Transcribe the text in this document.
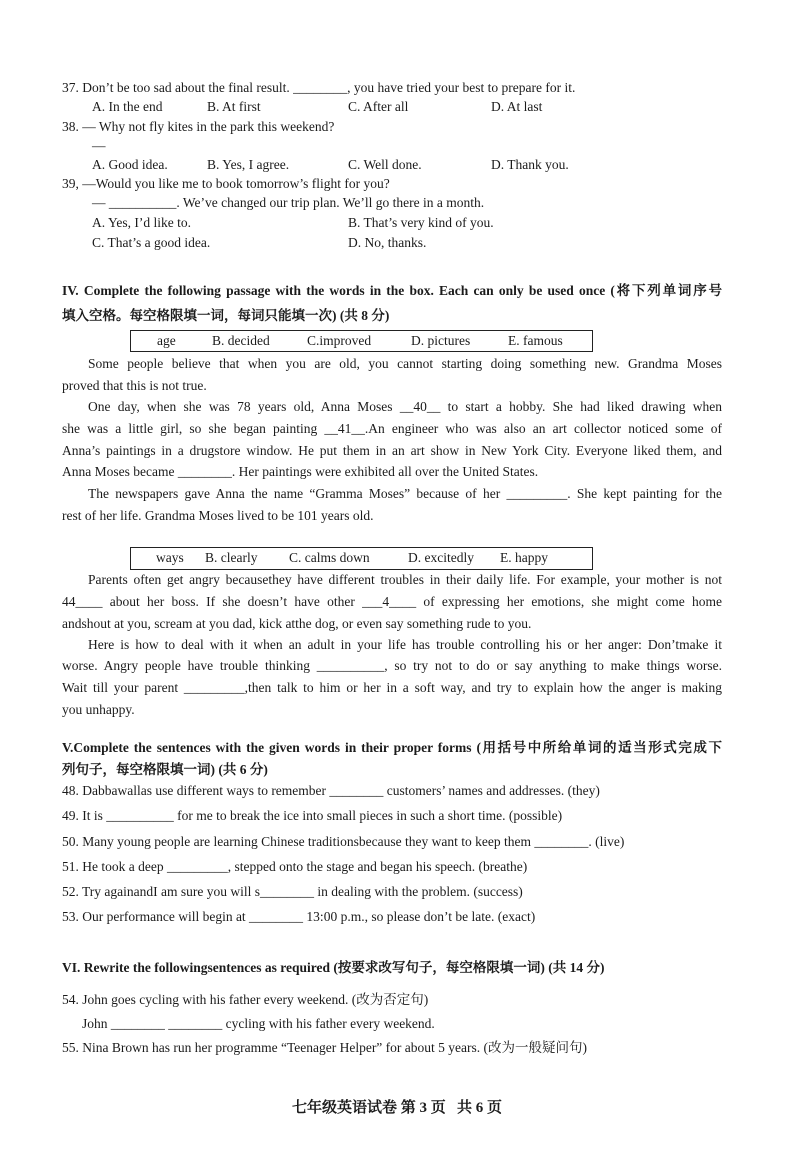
37. Don’t be too sad about the final result. ________, you have tried your best to prepare for it.
A. In the end	B. At first	C. After all	D. At last
38. — Why not fly kites in the park this weekend?
—
A. Good idea.	B. Yes, I agree.	C. Well done.	D. Thank you.
39, —Would you like me to book tomorrow’s flight for you?
— __________. We’ve changed our trip plan. We’ll go there in a month.
A. Yes, I’d like to.	B. That’s very kind of you.
C. That’s a good idea.	D. No, thanks.
IV. Complete the following passage with the words in the box. Each can only be used once (将下列单词序号
填入空格。每空格限填一词，每词只能填一次) (共 8 分)
age	B. decided	C.improved	D. pictures	E. famous
Some people believe that when you are old, you cannot starting doing something new. Grandma Moses
proved that this is not true.
One day, when she was 78 years old, Anna Moses __40__ to start a hobby. She had liked drawing when
she was a little girl, so she began painting __41__.An engineer who was also an art collector noticed some of
Anna’s paintings in a drugstore window. He put them in an art show in New York City. Everyone liked them, and
Anna Moses became ________. Her paintings were exhibited all over the United States.
The newspapers gave Anna the name “Gramma Moses” because of her _________. She kept painting for the
rest of her life. Grandma Moses lived to be 101 years old.
ways B. clearly C. calms down	D. excitedly E. happy
Parents often get angry becausethey have different troubles in their daily life. For example, your mother is not
44____ about her boss. If she doesn’t have other ___4____ of expressing her emotions, she might come home
andshout at you, scream at you dad, kick atthe dog, or even say something rude to you.
Here is how to deal with it when an adult in your life has trouble controlling his or her anger: Don’tmake it
worse. Angry people have trouble thinking __________, so try not to do or say anything to make things worse.
Wait till your parent _________,then talk to him or her in a soft way, and try to explain how the anger is making
you unhappy.
V.Complete the sentences with the given words in their proper forms (用括号中所给单词的适当形式完成下
列句子，每空格限填一词) (共 6 分)
48. Dabbawallas use different ways to remember ________ customers’ names and addresses. (they)
49. It is __________ for me to break the ice into small pieces in such a short time. (possible)
50. Many young people are learning Chinese traditionsbecause they want to keep them ________. (live)
51. He took a deep _________, stepped onto the stage and began his speech. (breathe)
52. Try againandI am sure you will s________ in dealing with the problem. (success)
53. Our performance will begin at ________ 13:00 p.m., so please don’t be late. (exact)
VI. Rewrite the followingsentences as required (按要求改写句子，每空格限填一词) (共 14 分)
54. John goes cycling with his father every weekend. (改为否定句)
John ________ ________ cycling with his father every weekend.
55. Nina Brown has run her programme “Teenager Helper” for about 5 years. (改为一般疑问句)
七年级英语试卷 第 3 页   共 6 页
